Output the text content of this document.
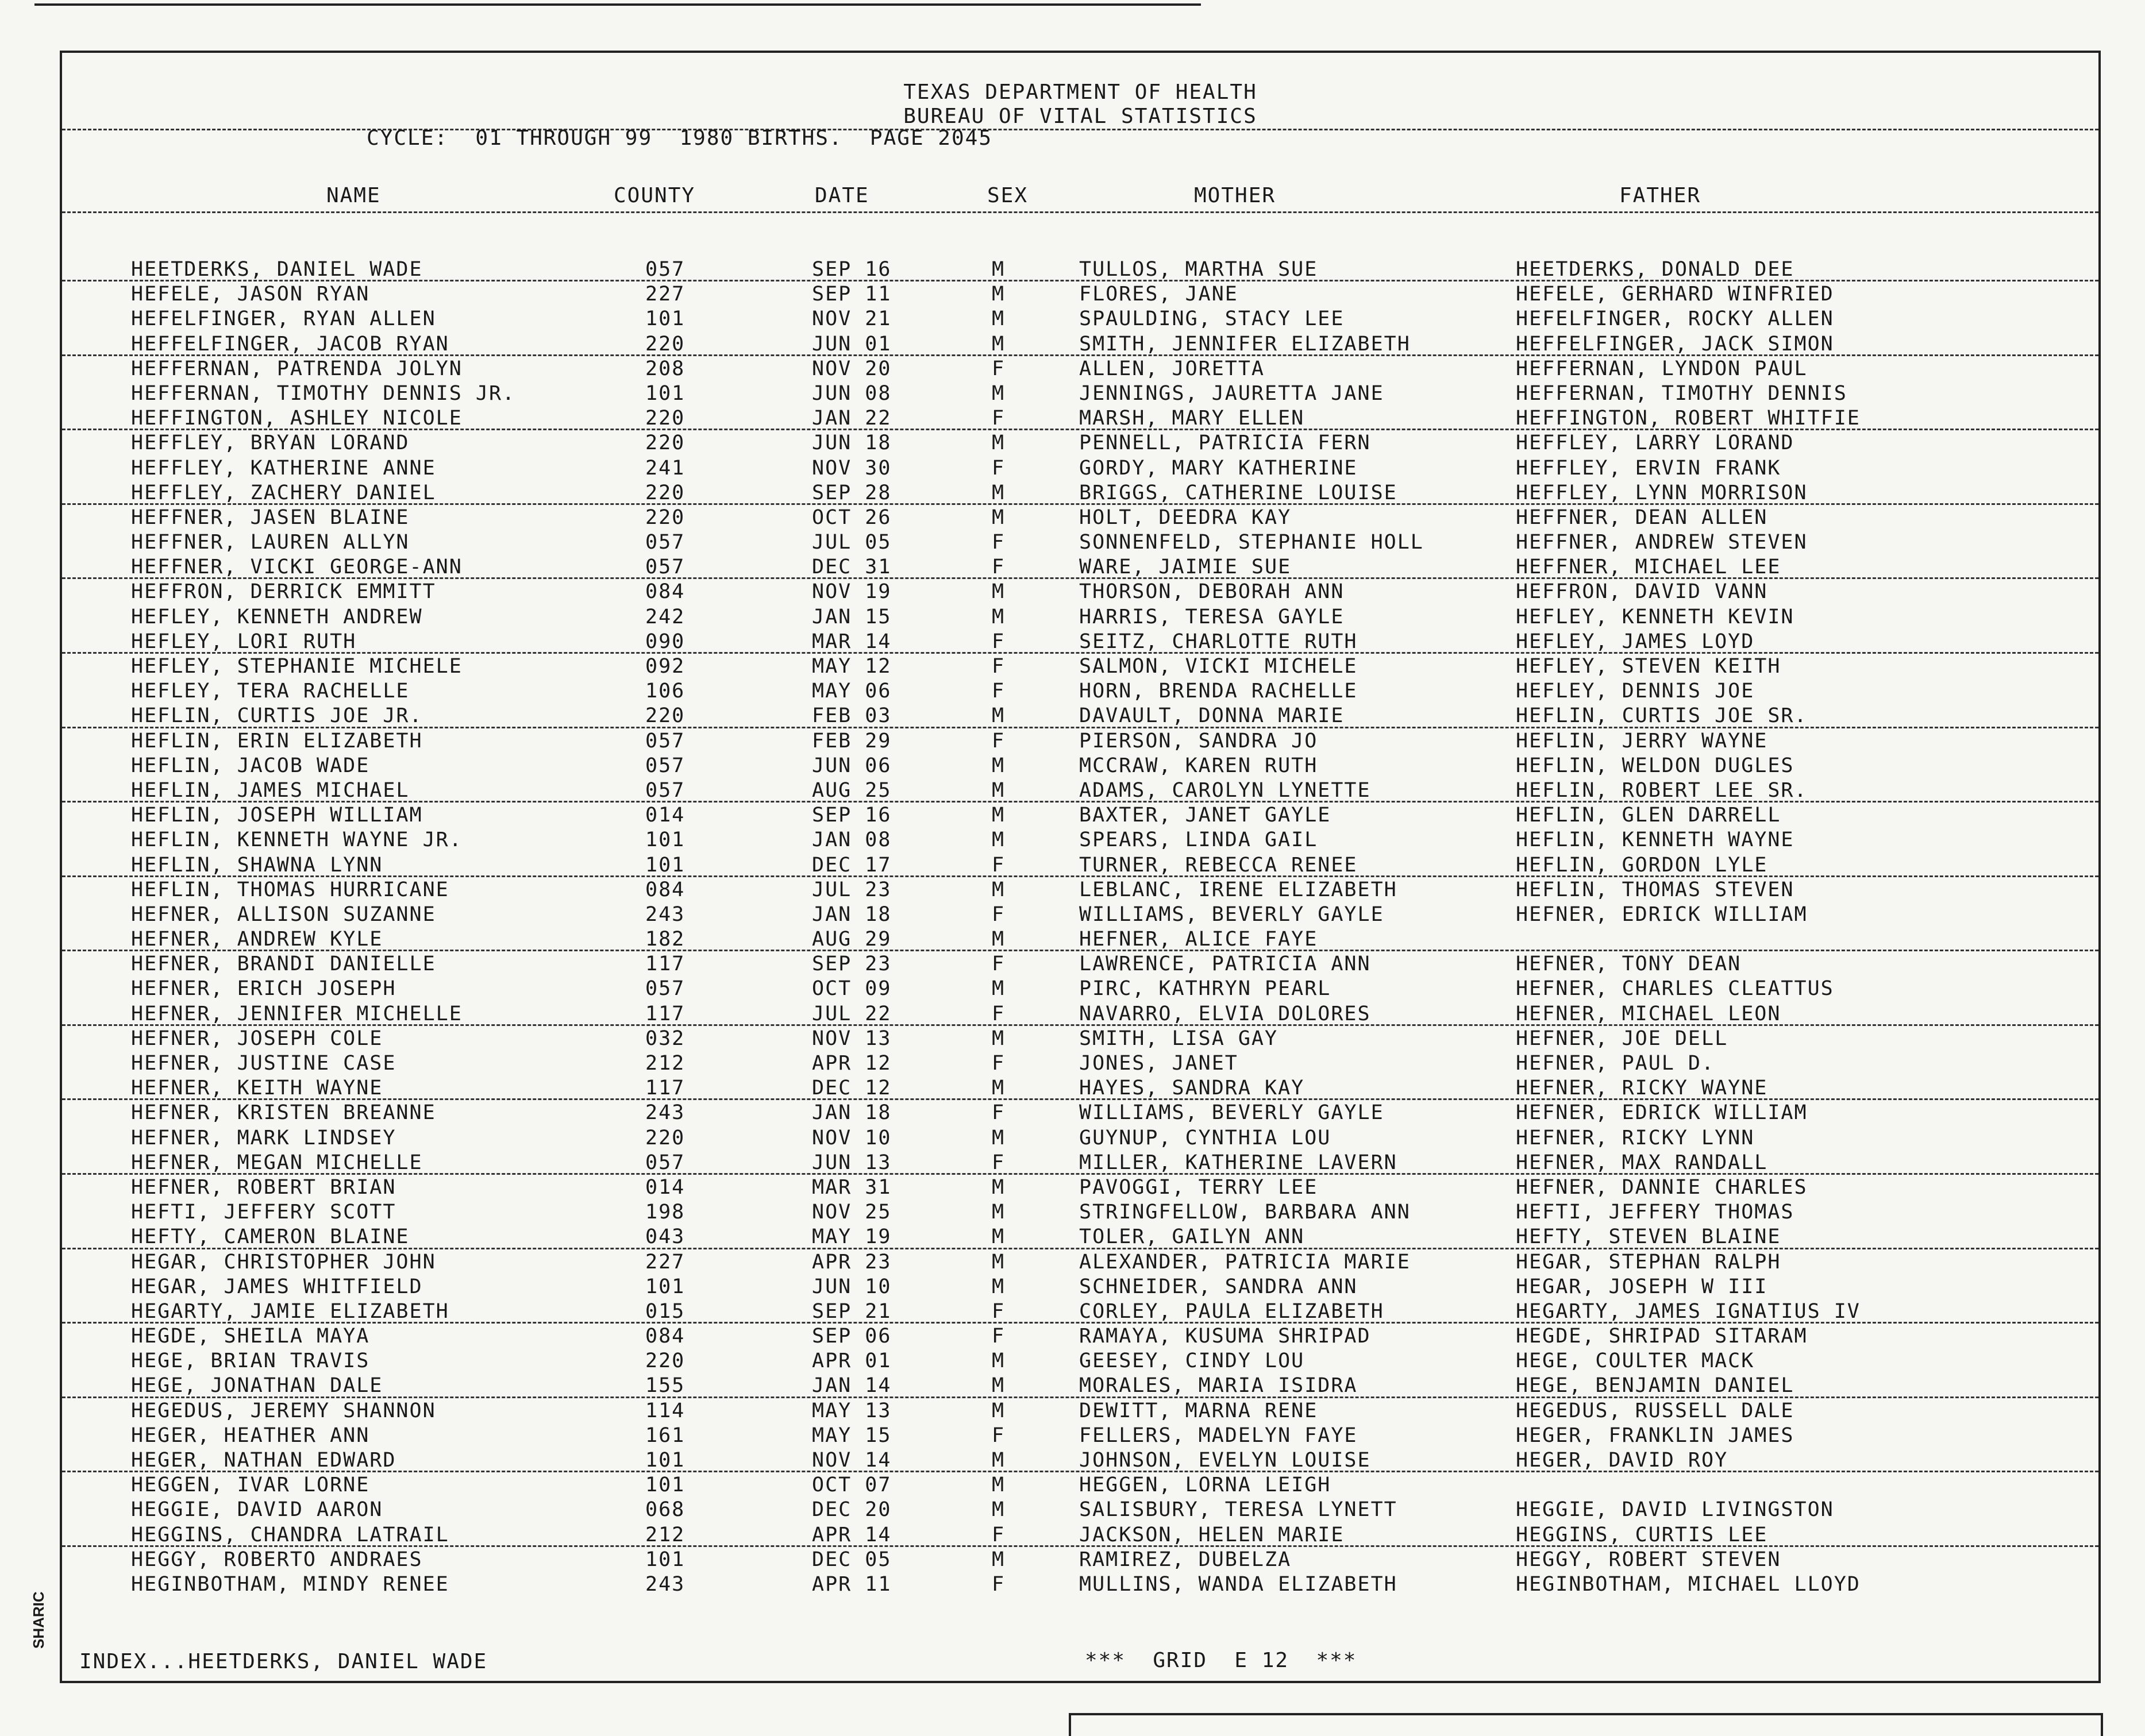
TEXAS DEPARTMENT OF HEALTH
BUREAU OF VITAL STATISTICS
CYCLE:  01 THROUGH 99  1980 BIRTHS.  PAGE 2045
NAME	COUNTY	DATE	SEX	MOTHER	FATHER
HEETDERKS, DANIEL WADE	057	SEP 16	M	TULLOS, MARTHA SUE	HEETDERKS, DONALD DEE
HEFELE, JASON RYAN	227	SEP 11	M	FLORES, JANE	HEFELE, GERHARD WINFRIED
HEFELFINGER, RYAN ALLEN	101	NOV 21	M	SPAULDING, STACY LEE	HEFELFINGER, ROCKY ALLEN
HEFFELFINGER, JACOB RYAN	220	JUN 01	M	SMITH, JENNIFER ELIZABETH	HEFFELFINGER, JACK SIMON
HEFFERNAN, PATRENDA JOLYN	208	NOV 20	F	ALLEN, JORETTA	HEFFERNAN, LYNDON PAUL
HEFFERNAN, TIMOTHY DENNIS JR.	101	JUN 08	M	JENNINGS, JAURETTA JANE	HEFFERNAN, TIMOTHY DENNIS
HEFFINGTON, ASHLEY NICOLE	220	JAN 22	F	MARSH, MARY ELLEN	HEFFINGTON, ROBERT WHITFIE
HEFFLEY, BRYAN LORAND	220	JUN 18	M	PENNELL, PATRICIA FERN	HEFFLEY, LARRY LORAND
HEFFLEY, KATHERINE ANNE	241	NOV 30	F	GORDY, MARY KATHERINE	HEFFLEY, ERVIN FRANK
HEFFLEY, ZACHERY DANIEL	220	SEP 28	M	BRIGGS, CATHERINE LOUISE	HEFFLEY, LYNN MORRISON
HEFFNER, JASEN BLAINE	220	OCT 26	M	HOLT, DEEDRA KAY	HEFFNER, DEAN ALLEN
HEFFNER, LAUREN ALLYN	057	JUL 05	F	SONNENFELD, STEPHANIE HOLL	HEFFNER, ANDREW STEVEN
HEFFNER, VICKI GEORGE-ANN	057	DEC 31	F	WARE, JAIMIE SUE	HEFFNER, MICHAEL LEE
HEFFRON, DERRICK EMMITT	084	NOV 19	M	THORSON, DEBORAH ANN	HEFFRON, DAVID VANN
HEFLEY, KENNETH ANDREW	242	JAN 15	M	HARRIS, TERESA GAYLE	HEFLEY, KENNETH KEVIN
HEFLEY, LORI RUTH	090	MAR 14	F	SEITZ, CHARLOTTE RUTH	HEFLEY, JAMES LOYD
HEFLEY, STEPHANIE MICHELE	092	MAY 12	F	SALMON, VICKI MICHELE	HEFLEY, STEVEN KEITH
HEFLEY, TERA RACHELLE	106	MAY 06	F	HORN, BRENDA RACHELLE	HEFLEY, DENNIS JOE
HEFLIN, CURTIS JOE JR.	220	FEB 03	M	DAVAULT, DONNA MARIE	HEFLIN, CURTIS JOE SR.
HEFLIN, ERIN ELIZABETH	057	FEB 29	F	PIERSON, SANDRA JO	HEFLIN, JERRY WAYNE
HEFLIN, JACOB WADE	057	JUN 06	M	MCCRAW, KAREN RUTH	HEFLIN, WELDON DUGLES
HEFLIN, JAMES MICHAEL	057	AUG 25	M	ADAMS, CAROLYN LYNETTE	HEFLIN, ROBERT LEE SR.
HEFLIN, JOSEPH WILLIAM	014	SEP 16	M	BAXTER, JANET GAYLE	HEFLIN, GLEN DARRELL
HEFLIN, KENNETH WAYNE JR.	101	JAN 08	M	SPEARS, LINDA GAIL	HEFLIN, KENNETH WAYNE
HEFLIN, SHAWNA LYNN	101	DEC 17	F	TURNER, REBECCA RENEE	HEFLIN, GORDON LYLE
HEFLIN, THOMAS HURRICANE	084	JUL 23	M	LEBLANC, IRENE ELIZABETH	HEFLIN, THOMAS STEVEN
HEFNER, ALLISON SUZANNE	243	JAN 18	F	WILLIAMS, BEVERLY GAYLE	HEFNER, EDRICK WILLIAM
HEFNER, ANDREW KYLE	182	AUG 29	M	HEFNER, ALICE FAYE
HEFNER, BRANDI DANIELLE	117	SEP 23	F	LAWRENCE, PATRICIA ANN	HEFNER, TONY DEAN
HEFNER, ERICH JOSEPH	057	OCT 09	M	PIRC, KATHRYN PEARL	HEFNER, CHARLES CLEATTUS
HEFNER, JENNIFER MICHELLE	117	JUL 22	F	NAVARRO, ELVIA DOLORES	HEFNER, MICHAEL LEON
HEFNER, JOSEPH COLE	032	NOV 13	M	SMITH, LISA GAY	HEFNER, JOE DELL
HEFNER, JUSTINE CASE	212	APR 12	F	JONES, JANET	HEFNER, PAUL D.
HEFNER, KEITH WAYNE	117	DEC 12	M	HAYES, SANDRA KAY	HEFNER, RICKY WAYNE
HEFNER, KRISTEN BREANNE	243	JAN 18	F	WILLIAMS, BEVERLY GAYLE	HEFNER, EDRICK WILLIAM
HEFNER, MARK LINDSEY	220	NOV 10	M	GUYNUP, CYNTHIA LOU	HEFNER, RICKY LYNN
HEFNER, MEGAN MICHELLE	057	JUN 13	F	MILLER, KATHERINE LAVERN	HEFNER, MAX RANDALL
HEFNER, ROBERT BRIAN	014	MAR 31	M	PAVOGGI, TERRY LEE	HEFNER, DANNIE CHARLES
HEFTI, JEFFERY SCOTT	198	NOV 25	M	STRINGFELLOW, BARBARA ANN	HEFTI, JEFFERY THOMAS
HEFTY, CAMERON BLAINE	043	MAY 19	M	TOLER, GAILYN ANN	HEFTY, STEVEN BLAINE
HEGAR, CHRISTOPHER JOHN	227	APR 23	M	ALEXANDER, PATRICIA MARIE	HEGAR, STEPHAN RALPH
HEGAR, JAMES WHITFIELD	101	JUN 10	M	SCHNEIDER, SANDRA ANN	HEGAR, JOSEPH W III
HEGARTY, JAMIE ELIZABETH	015	SEP 21	F	CORLEY, PAULA ELIZABETH	HEGARTY, JAMES IGNATIUS IV
HEGDE, SHEILA MAYA	084	SEP 06	F	RAMAYA, KUSUMA SHRIPAD	HEGDE, SHRIPAD SITARAM
HEGE, BRIAN TRAVIS	220	APR 01	M	GEESEY, CINDY LOU	HEGE, COULTER MACK
HEGE, JONATHAN DALE	155	JAN 14	M	MORALES, MARIA ISIDRA	HEGE, BENJAMIN DANIEL
HEGEDUS, JEREMY SHANNON	114	MAY 13	M	DEWITT, MARNA RENE	HEGEDUS, RUSSELL DALE
HEGER, HEATHER ANN	161	MAY 15	F	FELLERS, MADELYN FAYE	HEGER, FRANKLIN JAMES
HEGER, NATHAN EDWARD	101	NOV 14	M	JOHNSON, EVELYN LOUISE	HEGER, DAVID ROY
HEGGEN, IVAR LORNE	101	OCT 07	M	HEGGEN, LORNA LEIGH
HEGGIE, DAVID AARON	068	DEC 20	M	SALISBURY, TERESA LYNETT	HEGGIE, DAVID LIVINGSTON
HEGGINS, CHANDRA LATRAIL	212	APR 14	F	JACKSON, HELEN MARIE	HEGGINS, CURTIS LEE
HEGGY, ROBERTO ANDRAES	101	DEC 05	M	RAMIREZ, DUBELZA	HEGGY, ROBERT STEVEN
HEGINBOTHAM, MINDY RENEE	243	APR 11	F	MULLINS, WANDA ELIZABETH	HEGINBOTHAM, MICHAEL LLOYD
INDEX...HEETDERKS, DANIEL WADE	***  GRID  E 12  ***
SHARIC
